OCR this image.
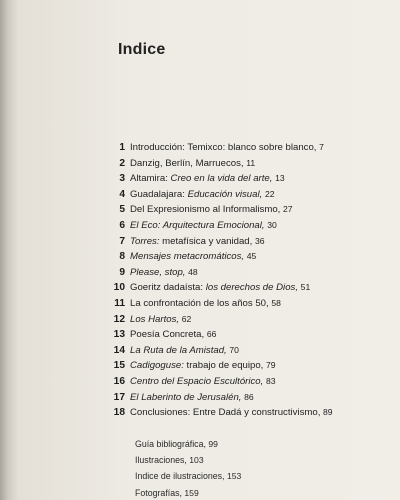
Indice
1 Introducción: Temixco: blanco sobre blanco, 7
2 Danzig, Berlín, Marruecos, 11
3 Altamira: Creo en la vida del arte, 13
4 Guadalajara: Educación visual, 22
5 Del Expresionismo al Informalismo, 27
6 El Eco: Arquitectura Emocional, 30
7 Torres: metafísica y vanidad, 36
8 Mensajes metacromáticos, 45
9 Please, stop, 48
10 Goeritz dadaísta: los derechos de Dios, 51
11 La confrontación de los años 50, 58
12 Los Hartos, 62
13 Poesía Concreta, 66
14 La Ruta de la Amistad, 70
15 Cadigoguse: trabajo de equipo, 79
16 Centro del Espacio Escultórico, 83
17 El Laberinto de Jerusalén, 86
18 Conclusiones: Entre Dadá y constructivismo, 89
Guía bibliográfica, 99
Ilustraciones, 103
Indice de ilustraciones, 153
Fotografías, 159
